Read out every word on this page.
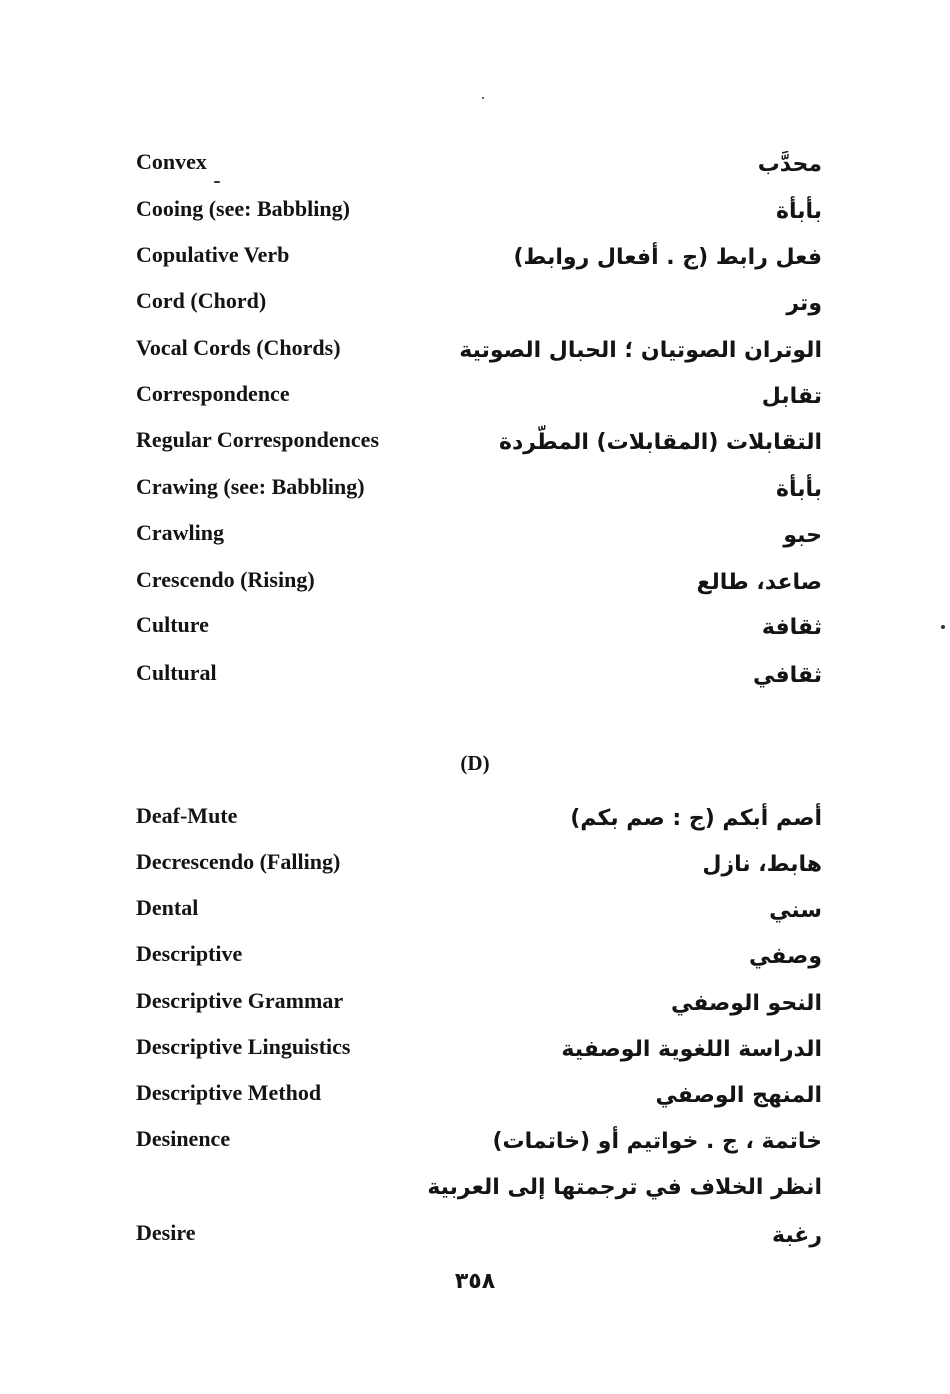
Convex	محدَّب
Cooing (see: Babbling)	بأبأة
Copulative Verb	فعل رابط (ج . أفعال روابط)
Cord (Chord)	وتر
Vocal Cords (Chords)	الوتران الصوتيان ؛ الحبال الصوتية
Correspondence	تقابل
Regular Correspondences	التقابلات (المقابلات) المطّردة
Crawing (see: Babbling)	بأبأة
Crawling	حبو
Crescendo (Rising)	صاعد، طالع
Culture	ثقافة
Cultural	ثقافي
(D)
Deaf-Mute	أصم أبكم (ج : صم بكم)
Decrescendo (Falling)	هابط، نازل
Dental	سني
Descriptive	وصفي
Descriptive Grammar	النحو الوصفي
Descriptive Linguistics	الدراسة اللغوية الوصفية
Descriptive Method	المنهج الوصفي
Desinence	خاتمة ، ج . خواتيم أو (خاتمات)
انظر الخلاف في ترجمتها إلى العربية
Desire	رغبة
٣٥٨
